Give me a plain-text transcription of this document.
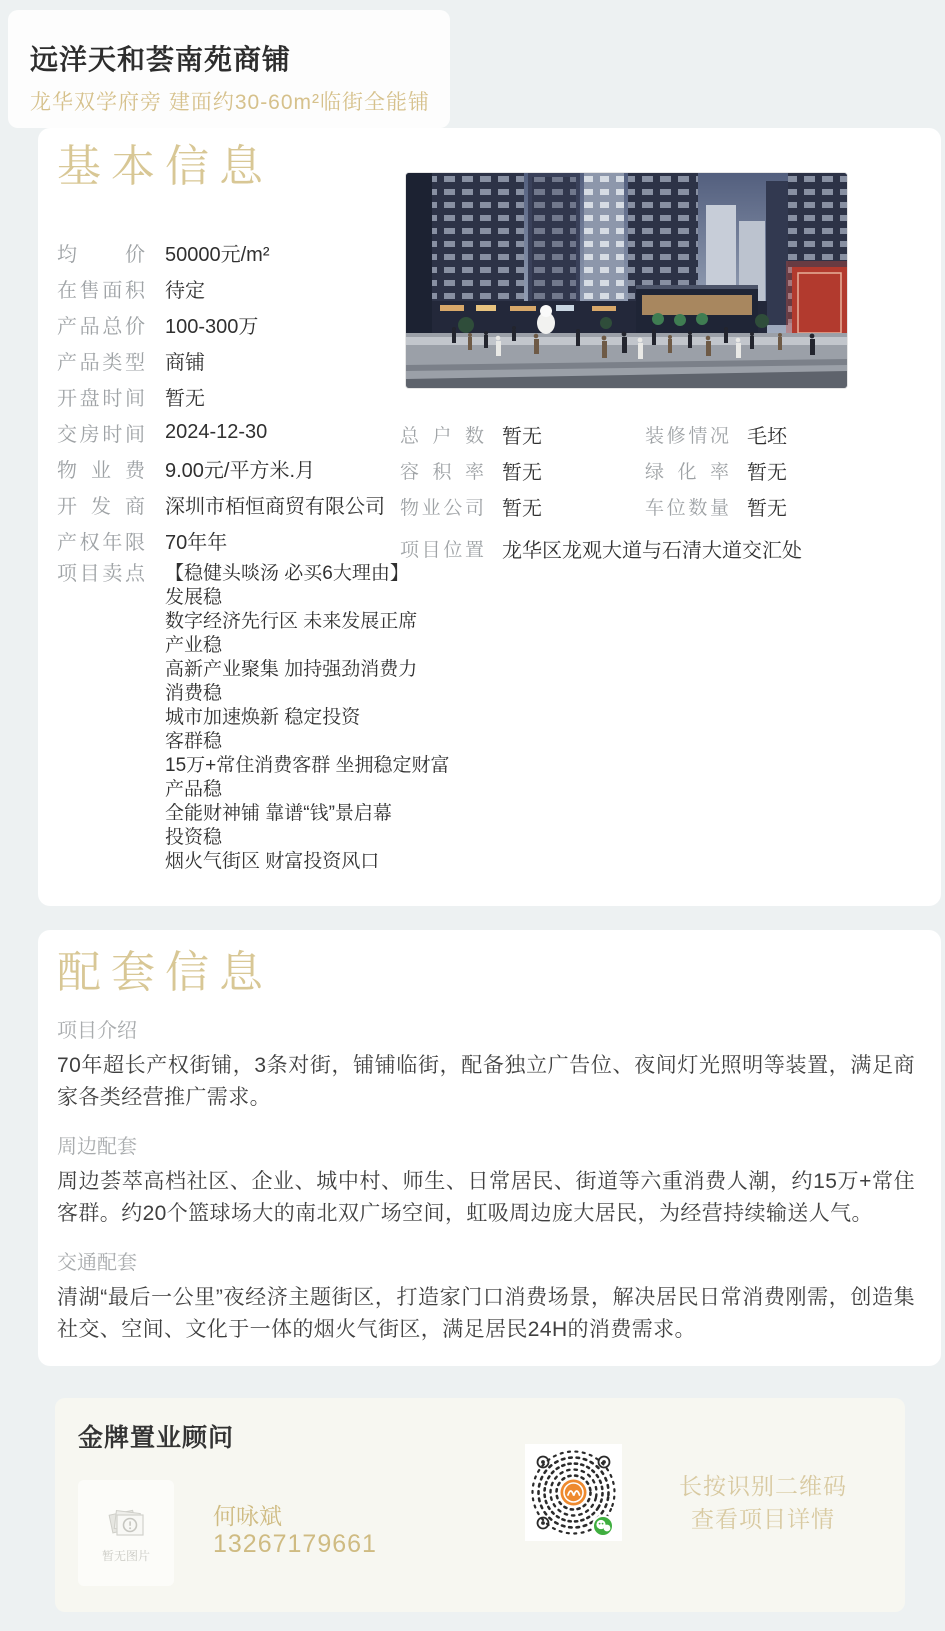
远洋天和荟南苑商铺
龙华双学府旁 建面约30-60m²临街全能铺
基本信息
均价 50000元/m²
在售面积 待定
产品总价 100-300万
产品类型 商铺
开盘时间 暂无
交房时间 2024-12-30
物业费 9.00元/平方米.月
开发商 深圳市栢恒商贸有限公司
产权年限 70年年
项目卖点 【稳健头啖汤 必买6大理由】
发展稳
数字经济先行区 未来发展正席
产业稳
高新产业聚集 加持强劲消费力
消费稳
城市加速焕新 稳定投资
客群稳
15万+常住消费客群 坐拥稳定财富
产品稳
全能财神铺 靠谱“钱”景启幕
投资稳
烟火气街区 财富投资风口
总户数 暂无	装修情况 毛坯
容积率 暂无	绿化率 暂无
物业公司 暂无	车位数量 暂无
项目位置 龙华区龙观大道与石清大道交汇处
配套信息
项目介绍
70年超长产权街铺，3条对街，铺铺临街，配备独立广告位、夜间灯光照明等装置，满足商家各类经营推广需求。
周边配套
周边荟萃高档社区、企业、城中村、师生、日常居民、街道等六重消费人潮，约15万+常住客群。约20个篮球场大的南北双广场空间，虹吸周边庞大居民，为经营持续输送人气。
交通配套
清湖“最后一公里”夜经济主题街区，打造家门口消费场景，解决居民日常消费刚需，创造集社交、空间、文化于一体的烟火气街区，满足居民24H的消费需求。
金牌置业顾问
暂无图片
何咏斌
13267179661
长按识别二维码
查看项目详情
